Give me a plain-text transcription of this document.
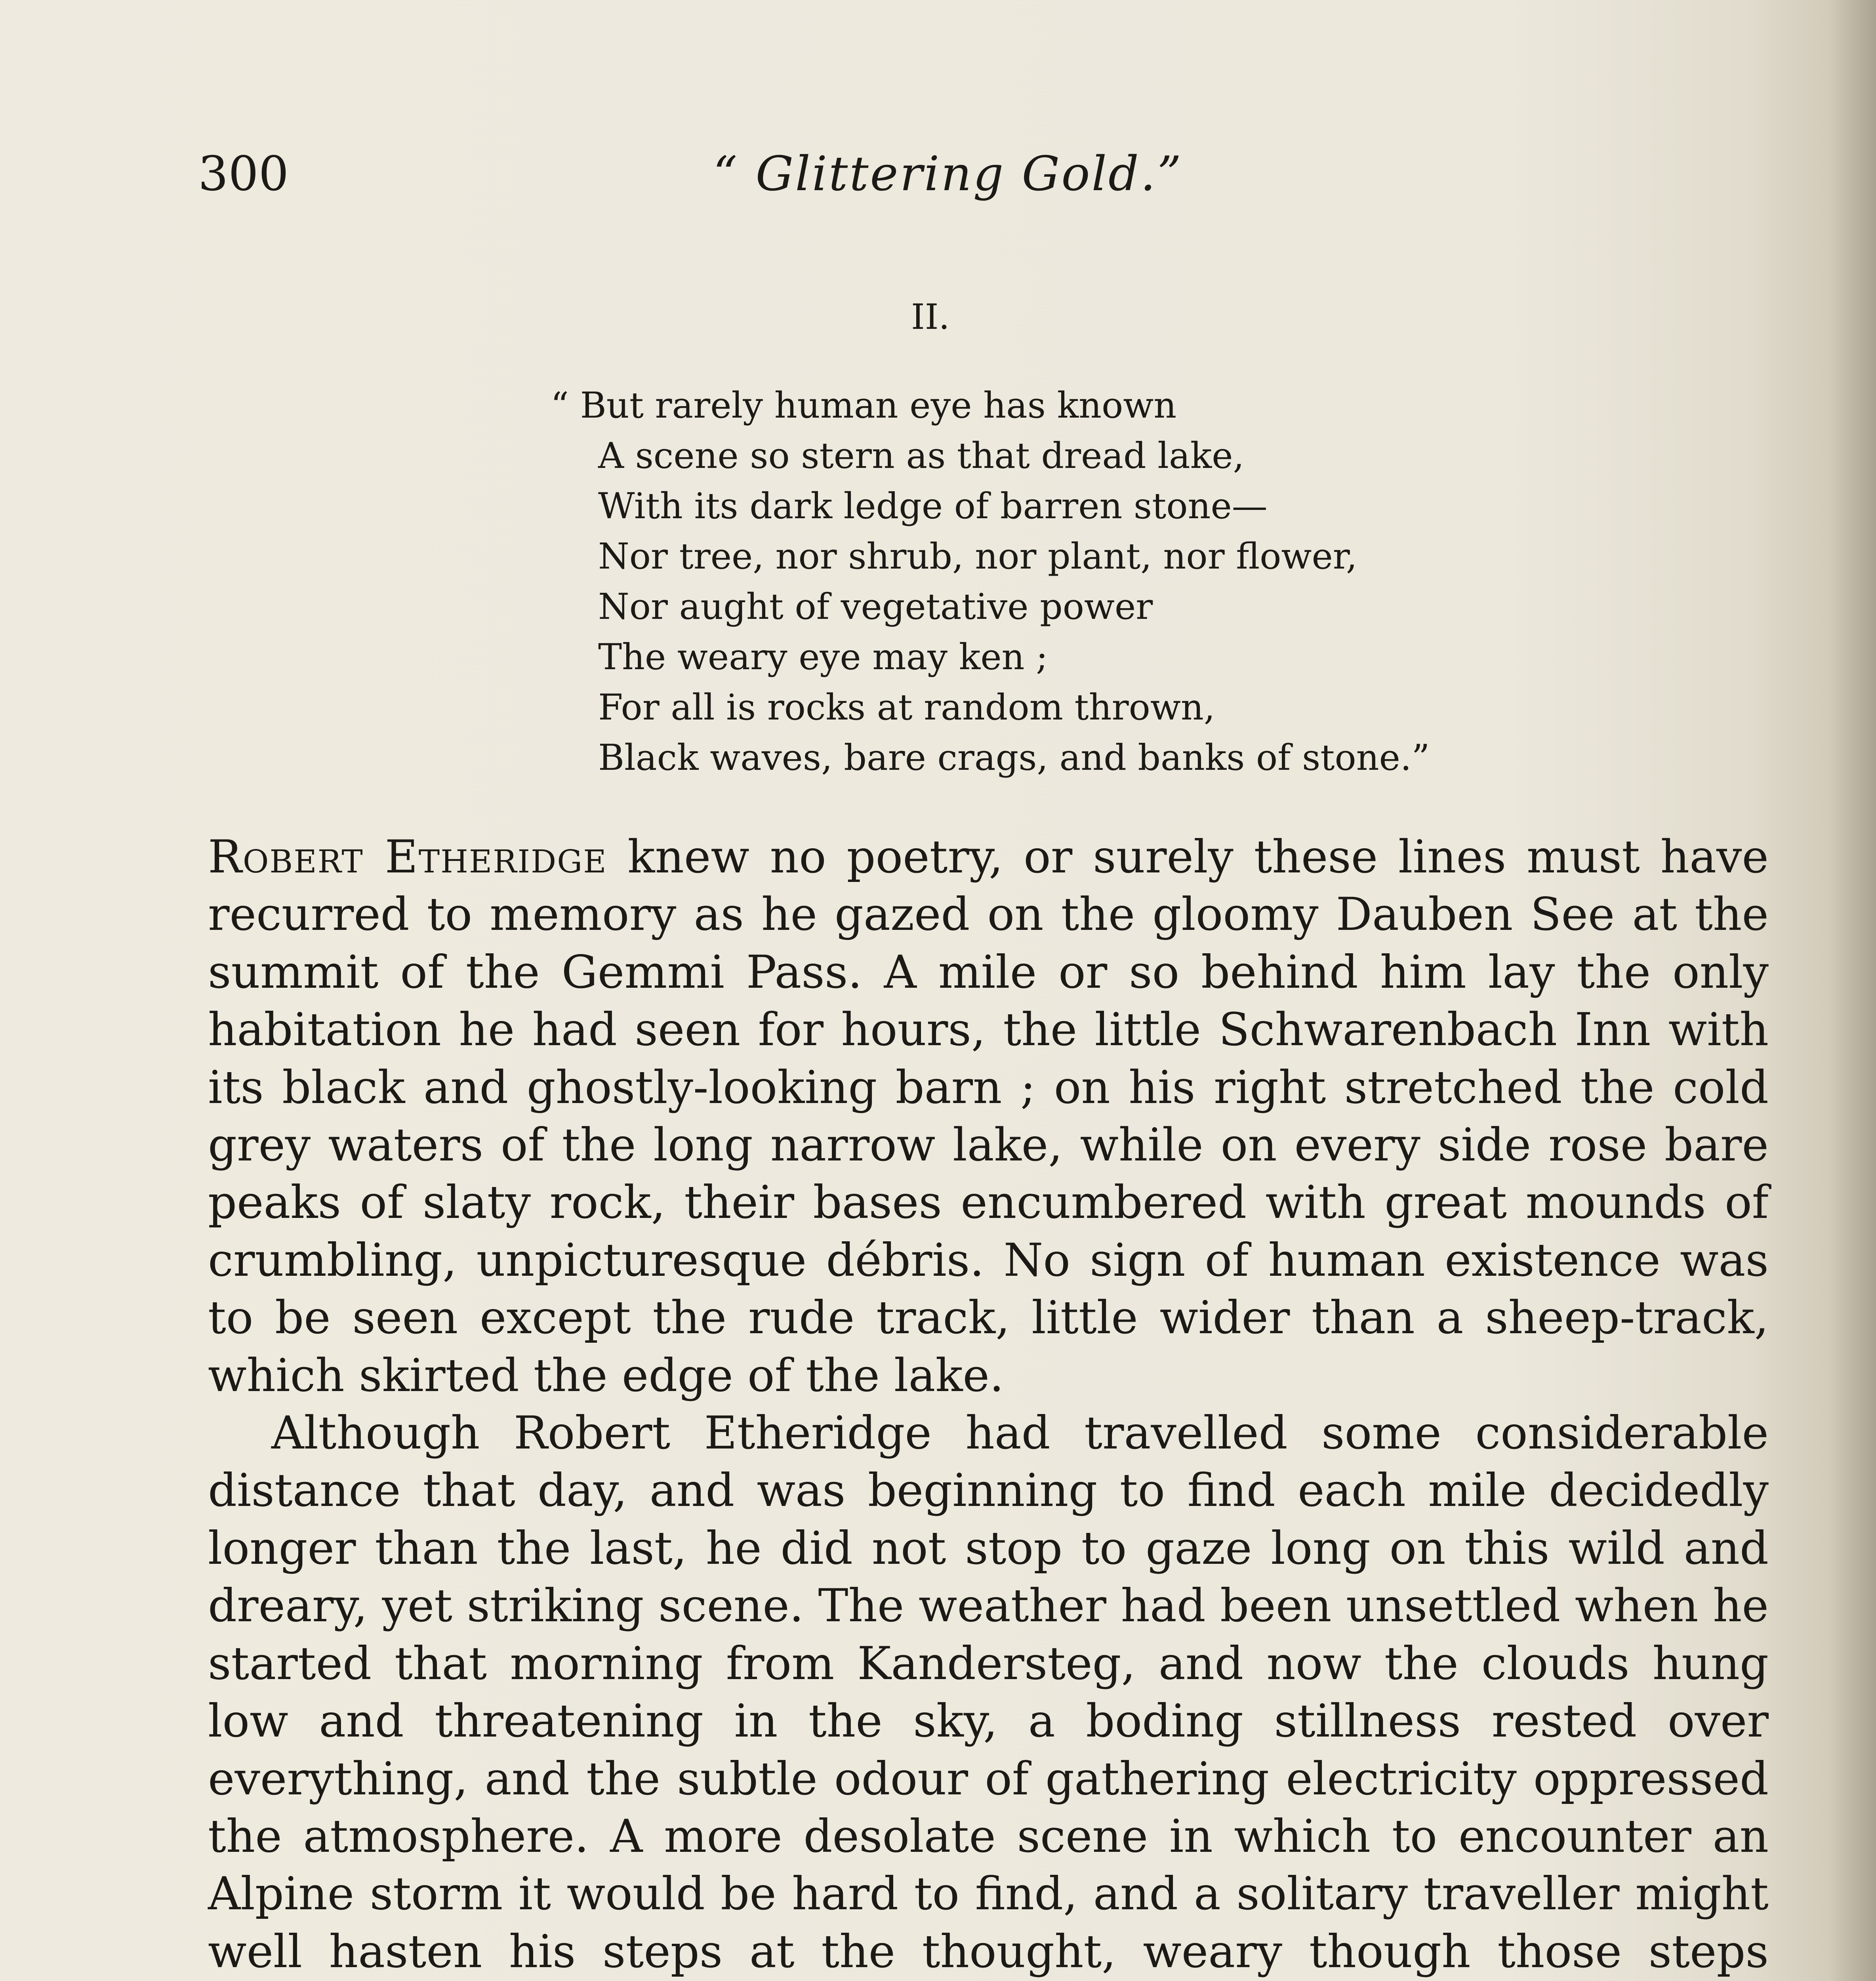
300	“ Glittering Gold.”
II.
“ But rarely human eye has known
A scene so stern as that dread lake,
With its dark ledge of barren stone—
Nor tree, nor shrub, nor plant, nor flower,
Nor aught of vegetative power
The weary eye may ken ;
For all is rocks at random thrown,
Black waves, bare crags, and banks of stone.”

Robert Etheridge knew no poetry, or surely these lines must have recurred to memory as he gazed on the gloomy Dauben See at the summit of the Gemmi Pass. A mile or so behind him lay the only habitation he had seen for hours, the little Schwarenbach Inn with its black and ghostly-looking barn ; on his right stretched the cold grey waters of the long narrow lake, while on every side rose bare peaks of slaty rock, their bases encumbered with great mounds of crumbling, unpicturesque débris. No sign of human existence was to be seen except the rude track, little wider than a sheep-track, which skirted the edge of the lake.

Although Robert Etheridge had travelled some considerable distance that day, and was beginning to find each mile decidedly longer than the last, he did not stop to gaze long on this wild and dreary, yet striking scene. The weather had been unsettled when he started that morning from Kandersteg, and now the clouds hung low and threatening in the sky, a boding stillness rested over everything, and the subtle odour of gathering electricity oppressed the atmosphere. A more desolate scene in which to encounter an Alpine storm it would be hard to find, and a solitary traveller might well hasten his steps at the thought, weary though those steps
